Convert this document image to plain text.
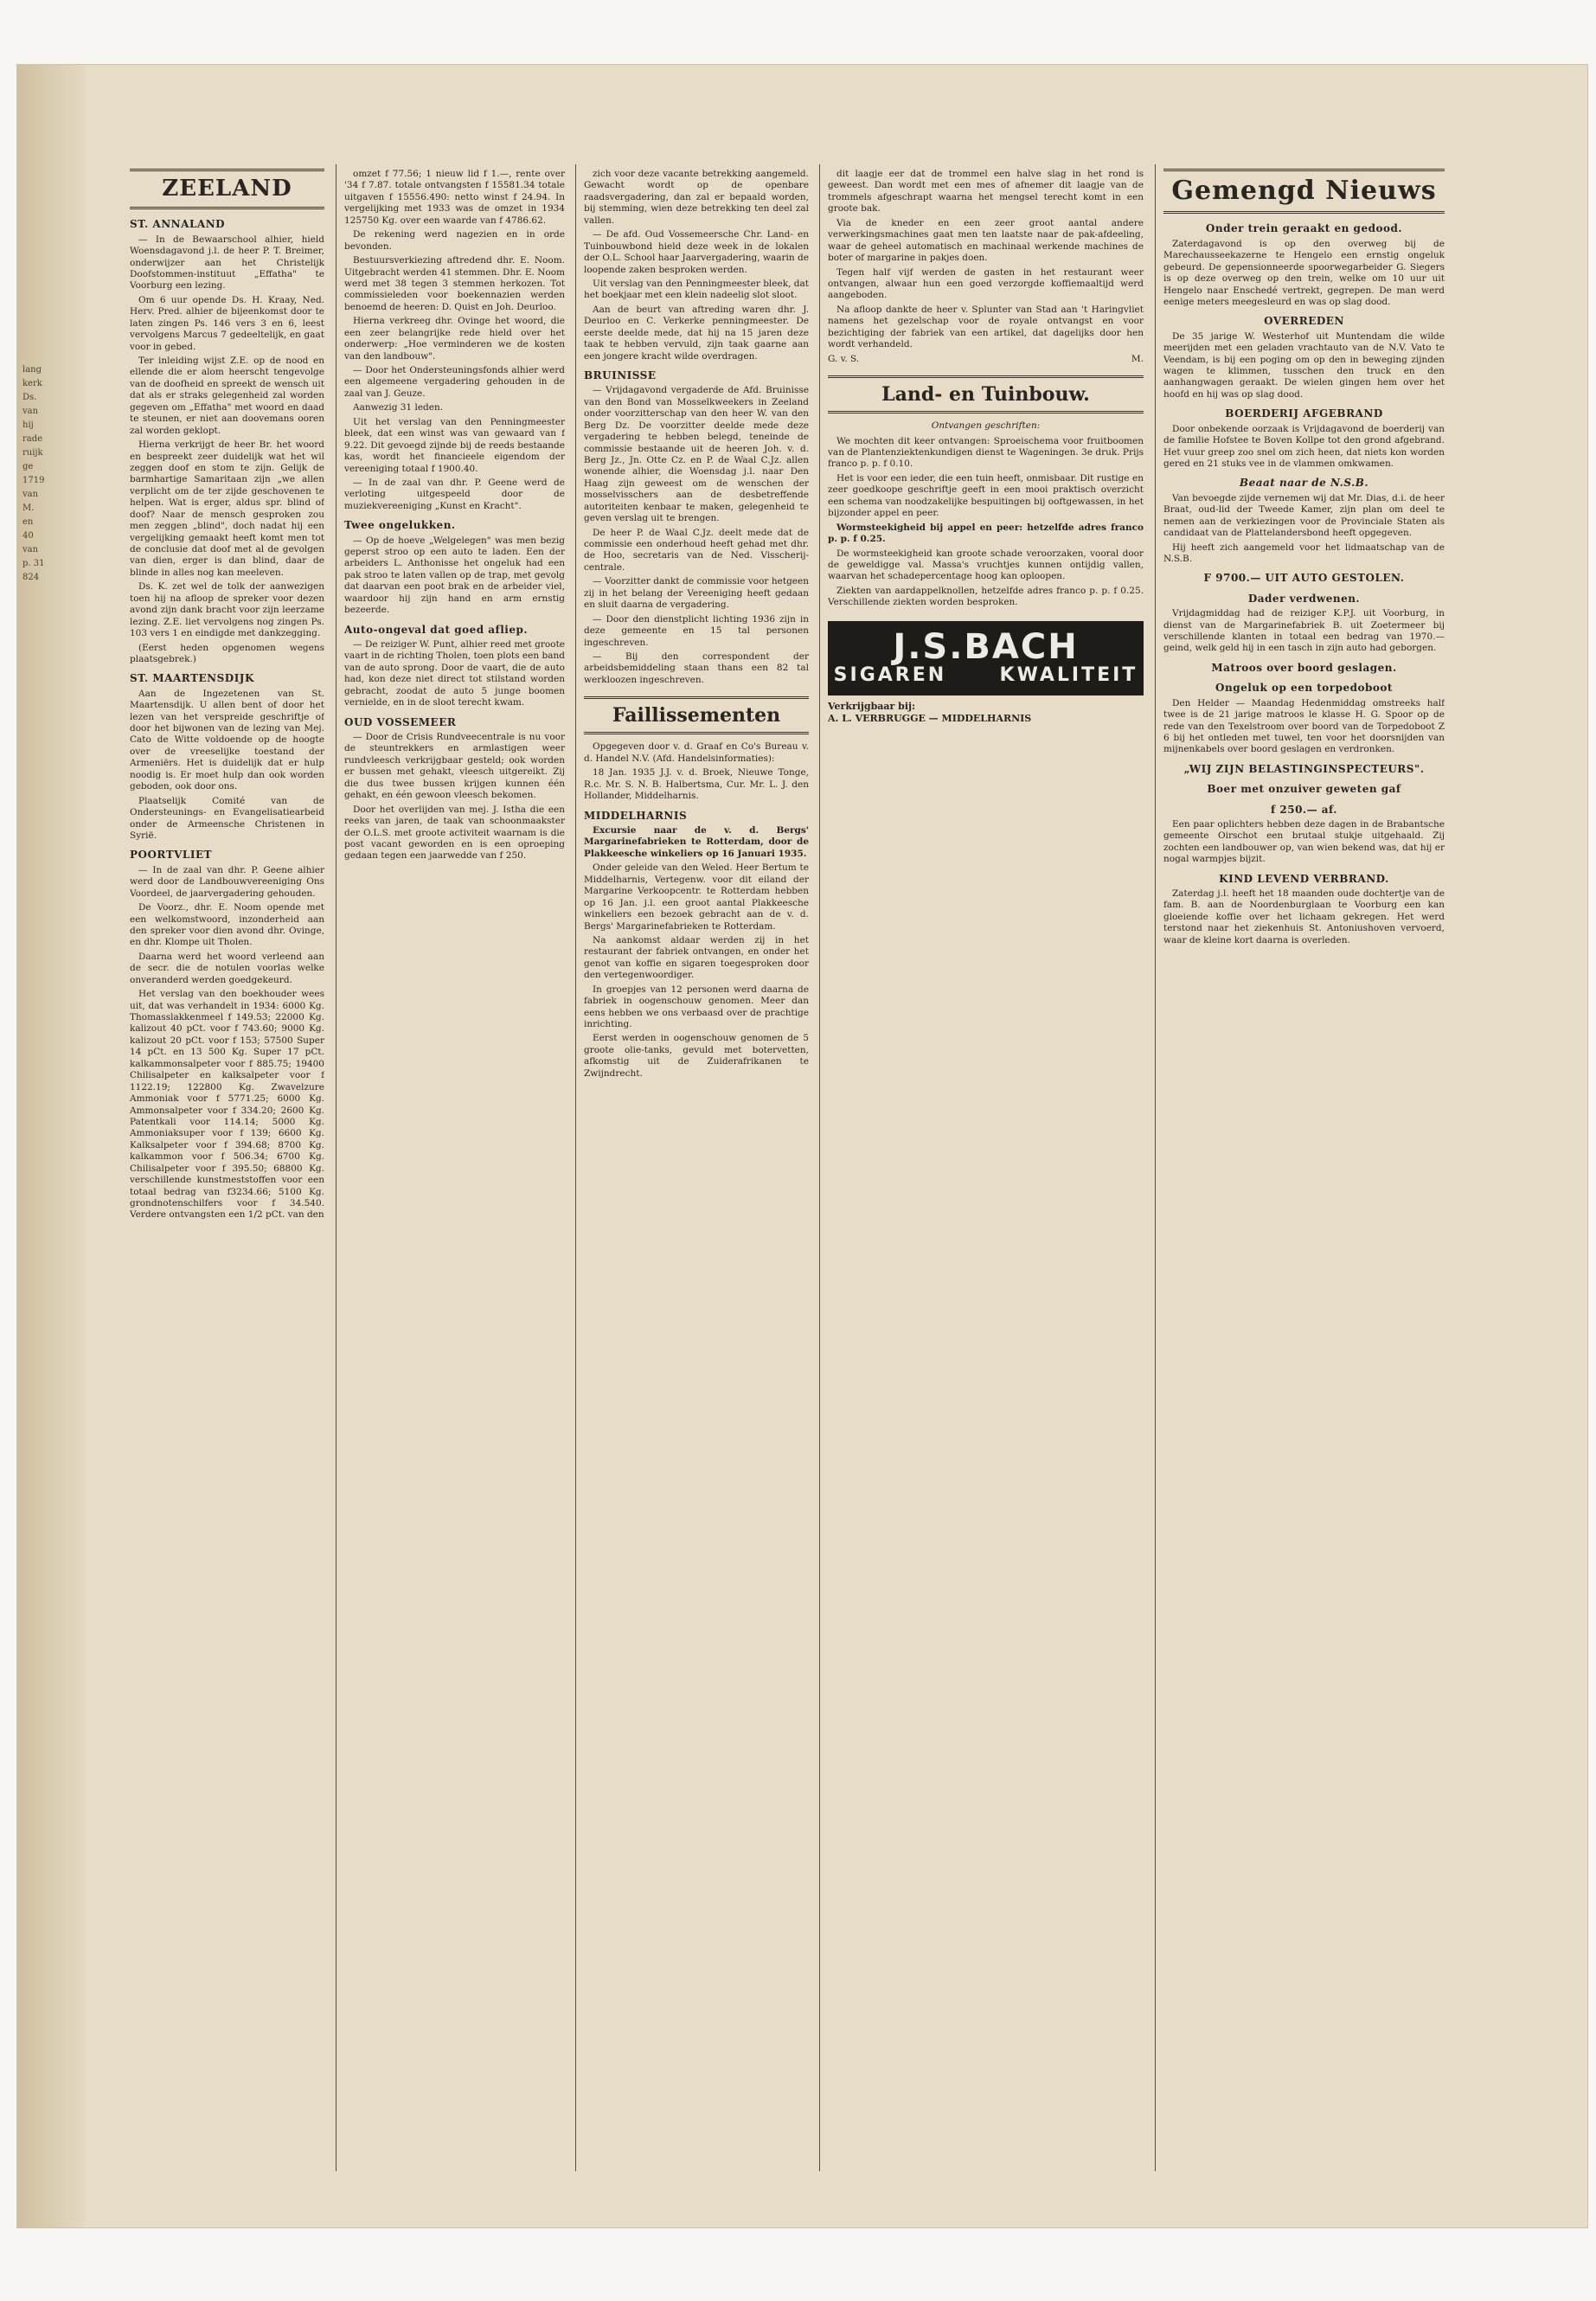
lang
kerk
Ds.
van
hij
rade
ruijk
ge
1719
van
M.
en
40
van
p. 31
824
ZEELAND
ST. ANNALAND

— In de Bewaarschool alhier, hield Woensdagavond j.l. de heer P. T. Breimer, onderwijzer aan het Christelijk Doofstommen-instituut „Effatha" te Voorburg een lezing.

Om 6 uur opende Ds. H. Kraay, Ned. Herv. Pred. alhier de bijeenkomst door te laten zingen Ps. 146 vers 3 en 6, leest vervolgens Marcus 7 gedeeltelijk, en gaat voor in gebed.

Ter inleiding wijst Z.E. op de nood en ellende die er alom heerscht tengevolge van de doofheid en spreekt de wensch uit dat als er straks gelegenheid zal worden gegeven om „Effatha" met woord en daad te steunen, er niet aan doovemans ooren zal worden geklopt.

Hierna verkrijgt de heer Br. het woord en bespreekt zeer duidelijk wat het wil zeggen doof en stom te zijn. Gelijk de barmhartige Samaritaan zijn „we allen verplicht om de ter zijde geschovenen te helpen. Wat is erger, aldus spr. blind of doof? Naar de mensch gesproken zou men zeggen „blind", doch nadat hij een vergelijking gemaakt heeft komt men tot de conclusie dat doof met al de gevolgen van dien, erger is dan blind, daar de blinde in alles nog kan meeleven.

Ds. K. zet wel de tolk der aanwezigen toen hij na afloop de spreker voor dezen avond zijn dank bracht voor zijn leerzame lezing. Z.E. liet vervolgens nog zingen Ps. 103 vers 1 en eindigde met dankzegging.

(Eerst heden opgenomen wegens plaatsgebrek.)

ST. MAARTENSDIJK

Aan de Ingezetenen van St. Maartensdijk. U allen bent of door het lezen van het verspreide geschriftje of door het bijwonen van de lezing van Mej. Cato de Witte voldoende op de hoogte over de vreeselijke toestand der Armeniërs. Het is duidelijk dat er hulp noodig is. Er moet hulp dan ook worden geboden, ook door ons.

Plaatselijk Comité van de Ondersteunings- en Evangelisatiearbeid onder de Armeensche Christenen in Syrië.

POORTVLIET

— In de zaal van dhr. P. Geene alhier werd door de Landbouwvereeniging Ons Voordeel, de jaarvergadering gehouden.

De Voorz., dhr. E. Noom opende met een welkomstwoord, inzonderheid aan den spreker voor dien avond dhr. Ovinge, en dhr. Klompe uit Tholen.

Daarna werd het woord verleend aan de secr. die de notulen voorlas welke onveranderd werden goedgekeurd.

Het verslag van den boekhouder wees uit, dat was verhandelt in 1934: 6000 Kg. Thomasslakkenmeel f 149.53; 22000 Kg. kalizout 40 pCt. voor f 743.60; 9000 Kg. kalizout 20 pCt. voor f 153; 57500 Super 14 pCt. en 13 500 Kg. Super 17 pCt. kalkammonsalpeter voor f 885.75; 19400 Chilisalpeter en kalksalpeter voor f 1122.19; 122800 Kg. Zwavelzure Ammoniak voor f 5771.25; 6000 Kg. Ammonsalpeter voor f 334.20; 2600 Kg. Patentkali voor 114.14; 5000 Kg. Ammoniaksuper voor f 139; 6600 Kg. Kalksalpeter voor f 394.68; 8700 Kg. kalkammon voor f 506.34; 6700 Kg. Chilisalpeter voor f 395.50; 68800 Kg. verschillende kunstmeststoffen voor een totaal bedrag van f3234.66; 5100 Kg. grondnotenschilfers voor f 34.540. Verdere ontvangsten een 1/2 pCt. van den

omzet f 77.56; 1 nieuw lid f 1.—, rente over '34 f 7.87. totale ontvangsten f 15581.34 totale uitgaven f 15556.490: netto winst f 24.94. In vergelijking met 1933 was de omzet in 1934 125750 Kg. over een waarde van f 4786.62.

De rekening werd nagezien en in orde bevonden.

Bestuursverkiezing aftredend dhr. E. Noom. Uitgebracht werden 41 stemmen. Dhr. E. Noom werd met 38 tegen 3 stemmen herkozen. Tot commissieleden voor boekennazien werden benoemd de heeren: D. Quist en Joh. Deurloo.

Hierna verkreeg dhr. Ovinge het woord, die een zeer belangrijke rede hield over het onderwerp: „Hoe verminderen we de kosten van den landbouw".

— Door het Ondersteuningsfonds alhier werd een algemeene vergadering gehouden in de zaal van J. Geuze.

Aanwezig 31 leden.

Uit het verslag van den Penningmeester bleek, dat een winst was van gewaard van f 9.22. Dit gevoegd zijnde bij de reeds bestaande kas, wordt het financieele eigendom der vereeniging totaal f 1900.40.

— In de zaal van dhr. P. Geene werd de verloting uitgespeeld door de muziekvereeniging „Kunst en Kracht".

Twee ongelukken.

— Op de hoeve „Welgelegen" was men bezig geperst stroo op een auto te laden. Een der arbeiders L. Anthonisse het ongeluk had een pak stroo te laten vallen op de trap, met gevolg dat daarvan een poot brak en de arbeider viel, waardoor hij zijn hand en arm ernstig bezeerde.

Auto-ongeval dat goed afliep.

— De reiziger W. Punt, alhier reed met groote vaart in de richting Tholen, toen plots een band van de auto sprong. Door de vaart, die de auto had, kon deze niet direct tot stilstand worden gebracht, zoodat de auto 5 junge boomen vernielde, en in de sloot terecht kwam.

OUD VOSSEMEER

— Door de Crisis Rundveecentrale is nu voor de steuntrekkers en armlastigen weer rundvleesch verkrijgbaar gesteld; ook worden er bussen met gehakt, vleesch uitgereikt. Zij die dus twee bussen krijgen kunnen één gehakt, en één gewoon vleesch bekomen.

Door het overlijden van mej. J. Istha die een reeks van jaren, de taak van schoonmaakster der O.L.S. met groote activiteit waarnam is die post vacant geworden en is een oproeping gedaan tegen een jaarwedde van f 250.

zich voor deze vacante betrekking aangemeld. Gewacht wordt op de openbare raadsvergadering, dan zal er bepaald worden, bij stemming, wien deze betrekking ten deel zal vallen.

— De afd. Oud Vossemeersche Chr. Land- en Tuinbouwbond hield deze week in de lokalen der O.L. School haar Jaarvergadering, waarin de loopende zaken besproken werden.

Uit verslag van den Penningmeester bleek, dat het boekjaar met een klein nadeelig slot sloot.

Aan de beurt van aftreding waren dhr. J. Deurloo en C. Verkerke penningmeester. De eerste deelde mede, dat hij na 15 jaren deze taak te hebben vervuld, zijn taak gaarne aan een jongere kracht wilde overdragen.

BRUINISSE

— Vrijdagavond vergaderde de Afd. Bruinisse van den Bond van Mosselkweekers in Zeeland onder voorzitterschap van den heer W. van den Berg Dz. De voorzitter deelde mede deze vergadering te hebben belegd, teneinde de commissie bestaande uit de heeren Joh. v. d. Berg Jz., Jn. Otte Cz. en P. de Waal C.Jz. allen wonende alhier, die Woensdag j.l. naar Den Haag zijn geweest om de wenschen der mosselvisschers aan de desbetreffende autoriteiten kenbaar te maken, gelegenheid te geven verslag uit te brengen.

De heer P. de Waal C.Jz. deelt mede dat de commissie een onderhoud heeft gehad met dhr. de Hoo, secretaris van de Ned. Visscherij-centrale.

— Voorzitter dankt de commissie voor hetgeen zij in het belang der Vereeniging heeft gedaan en sluit daarna de vergadering.

— Door den dienstplicht lichting 1936 zijn in deze gemeente en 15 tal personen ingeschreven.

— Bij den correspondent der arbeidsbemiddeling staan thans een 82 tal werkloozen ingeschreven.

Faillissementen

Opgegeven door v. d. Graaf en Co's Bureau v. d. Handel N.V. (Afd. Handelsinformaties):

18 Jan. 1935 J.J. v. d. Broek, Nieuwe Tonge, R.c. Mr. S. N. B. Halbertsma, Cur. Mr. L. J. den Hollander, Middelharnis.

MIDDELHARNIS

Excursie naar de v. d. Bergs' Margarinefabrieken te Rotterdam, door de Plakkeesche winkeliers op 16 Januari 1935.

Onder geleide van den Weled. Heer Bertum te Middelharnis, Vertegenw. voor dit eiland der Margarine Verkoopcentr. te Rotterdam hebben op 16 Jan. j.l. een groot aantal Plakkeesche winkeliers een bezoek gebracht aan de v. d. Bergs' Margarinefabrieken te Rotterdam.

Na aankomst aldaar werden zij in het restaurant der fabriek ontvangen, en onder het genot van koffie en sigaren toegesproken door den vertegenwoordiger.

In groepjes van 12 personen werd daarna de fabriek in oogenschouw genomen. Meer dan eens hebben we ons verbaasd over de prachtige inrichting.

Eerst werden in oogenschouw genomen de 5 groote olie-tanks, gevuld met botervetten, afkomstig uit de Zuiderafrikanen te Zwijndrecht.

dit laagje eer dat de trommel een halve slag in het rond is geweest. Dan wordt met een mes of afnemer dit laagje van de trommels afgeschrapt waarna het mengsel terecht komt in een groote bak.

Via de kneder en een zeer groot aantal andere verwerkingsmachines gaat men ten laatste naar de pak-afdeeling, waar de geheel automatisch en machinaal werkende machines de boter of margarine in pakjes doen.

Tegen half vijf werden de gasten in het restaurant weer ontvangen, alwaar hun een goed verzorgde koffiemaaltijd werd aangeboden.

Na afloop dankte de heer v. Splunter van Stad aan 't Haringvliet namens het gezelschap voor de royale ontvangst en voor bezichtiging der fabriek van een artikel, dat dagelijks door hen wordt verhandeld.

G. v. S.	M.
Land- en Tuinbouw.
Ontvangen geschriften:

We mochten dit keer ontvangen: Sproeischema voor fruitboomen van de Plantenziektenkundigen dienst te Wageningen. 3e druk. Prijs franco p. p. f 0.10.

Het is voor een ieder, die een tuin heeft, onmisbaar. Dit rustige en zeer goedkoope geschriftje geeft in een mooi praktisch overzicht een schema van noodzakelijke bespuitingen bij ooftgewassen, in het bijzonder appel en peer.

Wormsteekigheid bij appel en peer: hetzelfde adres franco p. p. f 0.25.

De wormsteekigheid kan groote schade veroorzaken, vooral door de geweldigge val. Massa's vruchtjes kunnen ontijdig vallen, waarvan het schadepercentage hoog kan oploopen.

Ziekten van aardappelknollen, hetzelfde adres franco p. p. f 0.25. Verschillende ziekten worden besproken.

J.S.BACH
SIGAREN	KWALITEIT
Verkrijgbaar bij:
A. L. VERBRUGGE — MIDDELHARNIS
Gemengd Nieuws
Onder trein geraakt en gedood.

Zaterdagavond is op den overweg bij de Marechausseekazerne te Hengelo een ernstig ongeluk gebeurd. De gepensionneerde spoorwegarbeider G. Siegers is op deze overweg op den trein, welke om 10 uur uit Hengelo naar Enschedé vertrekt, gegrepen. De man werd eenige meters meegesleurd en was op slag dood.

OVERREDEN

De 35 jarige W. Westerhof uit Muntendam die wilde meerijden met een geladen vrachtauto van de N.V. Vato te Veendam, is bij een poging om op den in beweging zijnden wagen te klimmen, tusschen den truck en den aanhangwagen geraakt. De wielen gingen hem over het hoofd en hij was op slag dood.

BOERDERIJ AFGEBRAND

Door onbekende oorzaak is Vrijdagavond de boerderij van de familie Hofstee te Boven Kollpe tot den grond afgebrand. Het vuur greep zoo snel om zich heen, dat niets kon worden gered en 21 stuks vee in de vlammen omkwamen.

Beaat naar de N.S.B.

Van bevoegde zijde vernemen wij dat Mr. Dias, d.i. de heer Braat, oud-lid der Tweede Kamer, zijn plan om deel te nemen aan de verkiezingen voor de Provinciale Staten als candidaat van de Plattelandersbond heeft opgegeven.

Hij heeft zich aangemeld voor het lidmaatschap van de N.S.B.

F 9700.— UIT AUTO GESTOLEN.
Dader verdwenen.

Vrijdagmiddag had de reiziger K.P.J. uit Voorburg, in dienst van de Margarinefabriek B. uit Zoetermeer bij verschillende klanten in totaal een bedrag van 1970.— geind, welk geld hij in een tasch in zijn auto had geborgen.

Matroos over boord geslagen.
Ongeluk op een torpedoboot

Den Helder — Maandag Hedenmiddag omstreeks half twee is de 21 jarige matroos le klasse H. G. Spoor op de rede van den Texelstroom over boord van de Torpedoboot Z 6 bij het ontleden met tuwel, ten voor het doorsnijden van mijnenkabels over boord geslagen en verdronken.

„WIJ ZIJN BELASTINGINSPECTEURS".
Boer met onzuiver geweten gaf
f 250.— af.

Een paar oplichters hebben deze dagen in de Brabantsche gemeente Oirschot een brutaal stukje uitgehaald. Zij zochten een landbouwer op, van wien bekend was, dat hij er nogal warmpjes bijzit.

KIND LEVEND VERBRAND.

Zaterdag j.l. heeft het 18 maanden oude dochtertje van de fam. B. aan de Noordenburglaan te Voorburg een kan gloeiende koffie over het lichaam gekregen. Het werd terstond naar het ziekenhuis St. Antoniushoven vervoerd, waar de kleine kort daarna is overleden.
